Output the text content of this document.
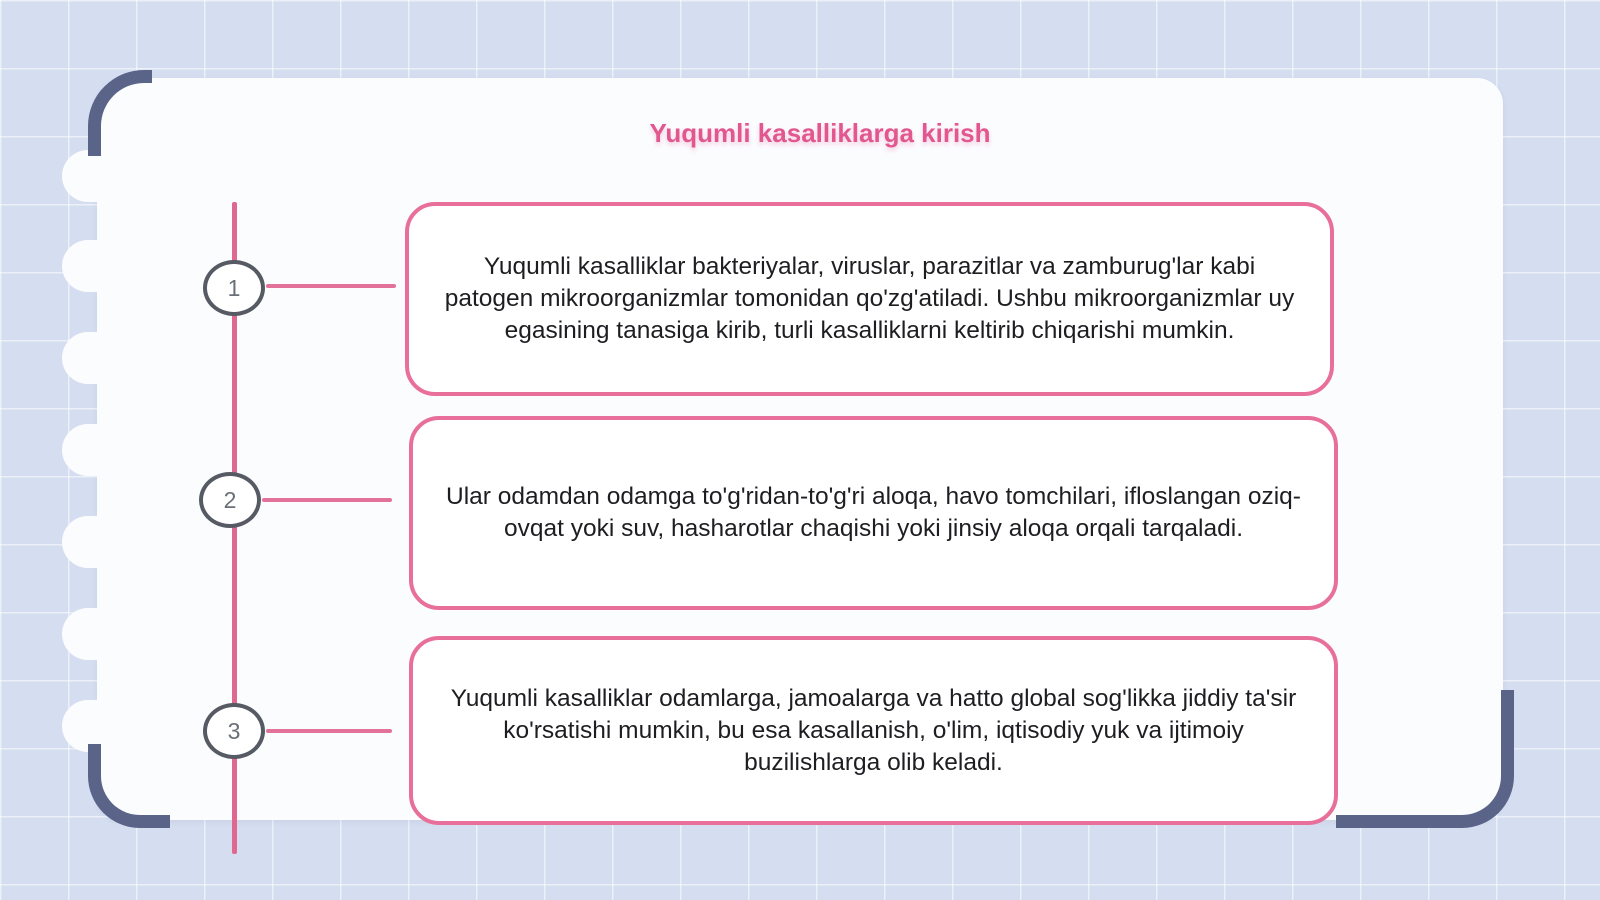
Yuqumli kasalliklarga kirish
1

Yuqumli kasalliklar bakteriyalar, viruslar, parazitlar va zamburug'lar kabi patogen mikroorganizmlar tomonidan qo'zg'atiladi. Ushbu mikroorganizmlar uy egasining tanasiga kirib, turli kasalliklarni keltirib chiqarishi mumkin.

2	Ular odamdan odamga to'g'ridan-to'g'ri aloqa, havo tomchilari, ifloslangan oziq-ovqat yoki suv, hasharotlar chaqishi yoki jinsiy aloqa orqali tarqaladi.

3

Yuqumli kasalliklar odamlarga, jamoalarga va hatto global sog'likka jiddiy ta'sir ko'rsatishi mumkin, bu esa kasallanish, o'lim, iqtisodiy yuk va ijtimoiy buzilishlarga olib keladi.
